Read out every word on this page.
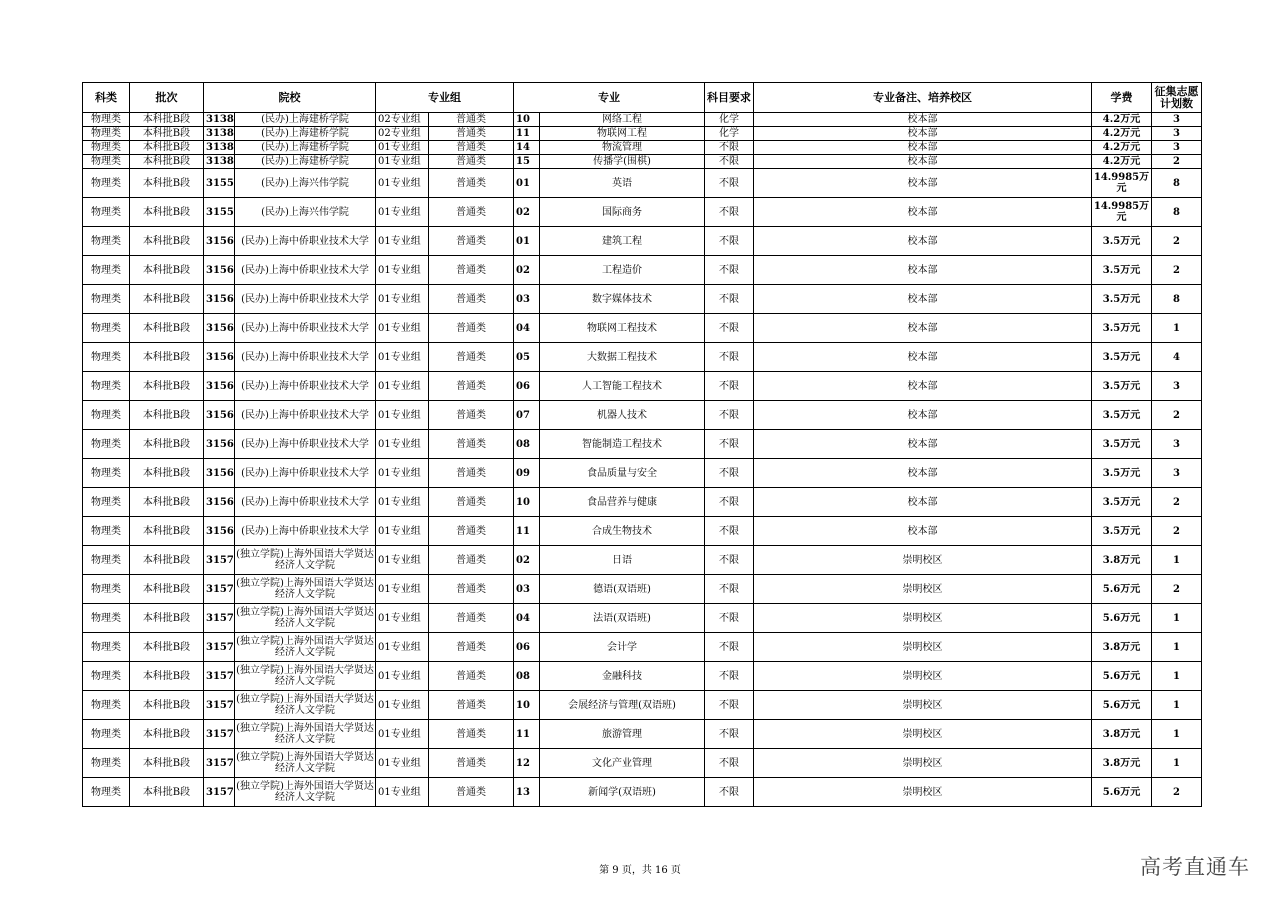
科类	批次	院校		专业组		专业		科目要求	专业备注、培养校区	学费	征集志愿计划数
物理类	本科批B段	3138	(民办)上海建桥学院	02专业组	普通类	10	网络工程	化学	校本部	4.2万元	3
物理类	本科批B段	3138	(民办)上海建桥学院	02专业组	普通类	11	物联网工程	化学	校本部	4.2万元	3
物理类	本科批B段	3138	(民办)上海建桥学院	01专业组	普通类	14	物流管理	不限	校本部	4.2万元	3
物理类	本科批B段	3138	(民办)上海建桥学院	01专业组	普通类	15	传播学(围棋)	不限	校本部	4.2万元	2
物理类	本科批B段	3155	(民办)上海兴伟学院	01专业组	普通类	01	英语	不限	校本部	14.9985万元	8
物理类	本科批B段	3155	(民办)上海兴伟学院	01专业组	普通类	02	国际商务	不限	校本部	14.9985万元	8
物理类	本科批B段	3156	(民办)上海中侨职业技术大学	01专业组	普通类	01	建筑工程	不限	校本部	3.5万元	2
物理类	本科批B段	3156	(民办)上海中侨职业技术大学	01专业组	普通类	02	工程造价	不限	校本部	3.5万元	2
物理类	本科批B段	3156	(民办)上海中侨职业技术大学	01专业组	普通类	03	数字媒体技术	不限	校本部	3.5万元	8
物理类	本科批B段	3156	(民办)上海中侨职业技术大学	01专业组	普通类	04	物联网工程技术	不限	校本部	3.5万元	1
物理类	本科批B段	3156	(民办)上海中侨职业技术大学	01专业组	普通类	05	大数据工程技术	不限	校本部	3.5万元	4
物理类	本科批B段	3156	(民办)上海中侨职业技术大学	01专业组	普通类	06	人工智能工程技术	不限	校本部	3.5万元	3
物理类	本科批B段	3156	(民办)上海中侨职业技术大学	01专业组	普通类	07	机器人技术	不限	校本部	3.5万元	2
物理类	本科批B段	3156	(民办)上海中侨职业技术大学	01专业组	普通类	08	智能制造工程技术	不限	校本部	3.5万元	3
物理类	本科批B段	3156	(民办)上海中侨职业技术大学	01专业组	普通类	09	食品质量与安全	不限	校本部	3.5万元	3
物理类	本科批B段	3156	(民办)上海中侨职业技术大学	01专业组	普通类	10	食品营养与健康	不限	校本部	3.5万元	2
物理类	本科批B段	3156	(民办)上海中侨职业技术大学	01专业组	普通类	11	合成生物技术	不限	校本部	3.5万元	2
物理类	本科批B段	3157	(独立学院)上海外国语大学贤达经济人文学院	01专业组	普通类	02	日语	不限	崇明校区	3.8万元	1
物理类	本科批B段	3157	(独立学院)上海外国语大学贤达经济人文学院	01专业组	普通类	03	德语(双语班)	不限	崇明校区	5.6万元	2
物理类	本科批B段	3157	(独立学院)上海外国语大学贤达经济人文学院	01专业组	普通类	04	法语(双语班)	不限	崇明校区	5.6万元	1
物理类	本科批B段	3157	(独立学院)上海外国语大学贤达经济人文学院	01专业组	普通类	06	会计学	不限	崇明校区	3.8万元	1
物理类	本科批B段	3157	(独立学院)上海外国语大学贤达经济人文学院	01专业组	普通类	08	金融科技	不限	崇明校区	5.6万元	1
物理类	本科批B段	3157	(独立学院)上海外国语大学贤达经济人文学院	01专业组	普通类	10	会展经济与管理(双语班)	不限	崇明校区	5.6万元	1
物理类	本科批B段	3157	(独立学院)上海外国语大学贤达经济人文学院	01专业组	普通类	11	旅游管理	不限	崇明校区	3.8万元	1
物理类	本科批B段	3157	(独立学院)上海外国语大学贤达经济人文学院	01专业组	普通类	12	文化产业管理	不限	崇明校区	3.8万元	1
物理类	本科批B段	3157	(独立学院)上海外国语大学贤达经济人文学院	01专业组	普通类	13	新闻学(双语班)	不限	崇明校区	5.6万元	2
第 9 页，共 16 页	高考直通车
